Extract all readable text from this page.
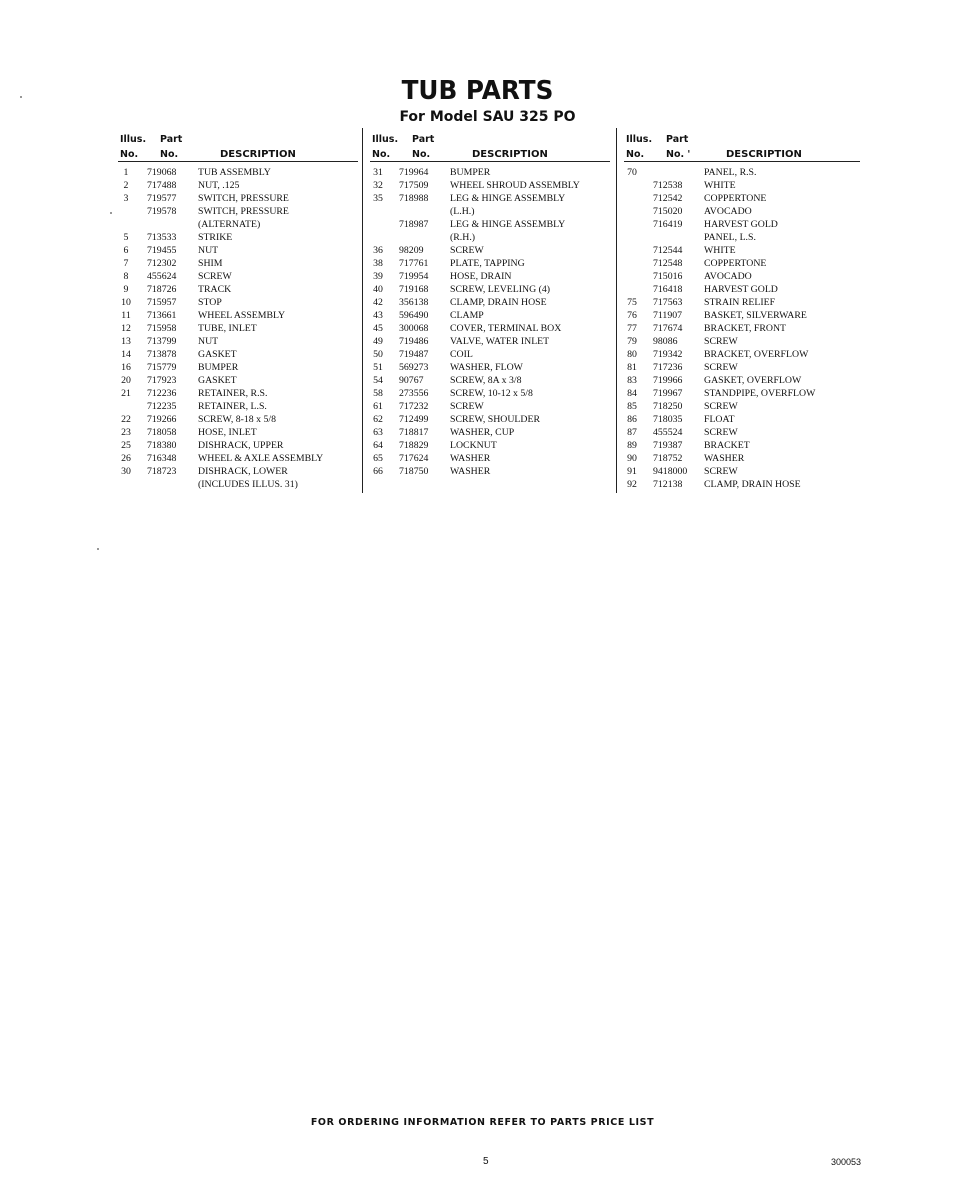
TUB PARTS
For Model SAU 325 PO
Illus. Part
No. No.	DESCRIPTION
1	719068 TUB ASSEMBLY
2	717488 NUT, .125
3	719577 SWITCH, PRESSURE
719578 SWITCH, PRESSURE
(ALTERNATE)
5	713533 STRIKE
6	719455 NUT
7	712302 SHIM
8	455624 SCREW
9	718726 TRACK
10	715957 STOP
11	713661 WHEEL ASSEMBLY
12	715958 TUBE, INLET
13	713799 NUT
14	713878 GASKET
16	715779 BUMPER
20	717923 GASKET
21	712236 RETAINER, R.S.
712235 RETAINER, L.S.
22	719266 SCREW, 8-18 x 5/8
23	718058 HOSE, INLET
25	718380 DISHRACK, UPPER
26	716348 WHEEL & AXLE ASSEMBLY
30	718723 DISHRACK, LOWER
(INCLUDES ILLUS. 31)
Illus. Part
No. No.	DESCRIPTION
31	719964 BUMPER
32	717509 WHEEL SHROUD ASSEMBLY
35	718988 LEG & HINGE ASSEMBLY
(L.H.)
718987 LEG & HINGE ASSEMBLY
(R.H.)
36	98209	SCREW
38	717761 PLATE, TAPPING
39	719954 HOSE, DRAIN
40	719168 SCREW, LEVELING (4)
42	356138 CLAMP, DRAIN HOSE
43	596490 CLAMP
45	300068 COVER, TERMINAL BOX
49	719486 VALVE, WATER INLET
50	719487 COIL
51	569273 WASHER, FLOW
54	90767	SCREW, 8A x 3/8
58	273556 SCREW, 10-12 x 5/8
61	717232 SCREW
62	712499 SCREW, SHOULDER
63	718817 WASHER, CUP
64	718829 LOCKNUT
65	717624 WASHER
66	718750 WASHER
Illus. Part
No. No. '	DESCRIPTION
70	PANEL, R.S.
712538 WHITE
712542 COPPERTONE
715020 AVOCADO
716419 HARVEST GOLD
PANEL, L.S.
712544 WHITE
712548 COPPERTONE
715016 AVOCADO
716418 HARVEST GOLD
75	717563 STRAIN RELIEF
76	711907 BASKET, SILVERWARE
77	717674 BRACKET, FRONT
79	98086	SCREW
80	719342 BRACKET, OVERFLOW
81	717236 SCREW
83	719966 GASKET, OVERFLOW
84	719967 STANDPIPE, OVERFLOW
85	718250 SCREW
86	718035 FLOAT
87	455524 SCREW
89	719387 BRACKET
90	718752 WASHER
91	9418000 SCREW
92	712138 CLAMP, DRAIN HOSE
FOR ORDERING INFORMATION REFER TO PARTS PRICE LIST
5	300053
